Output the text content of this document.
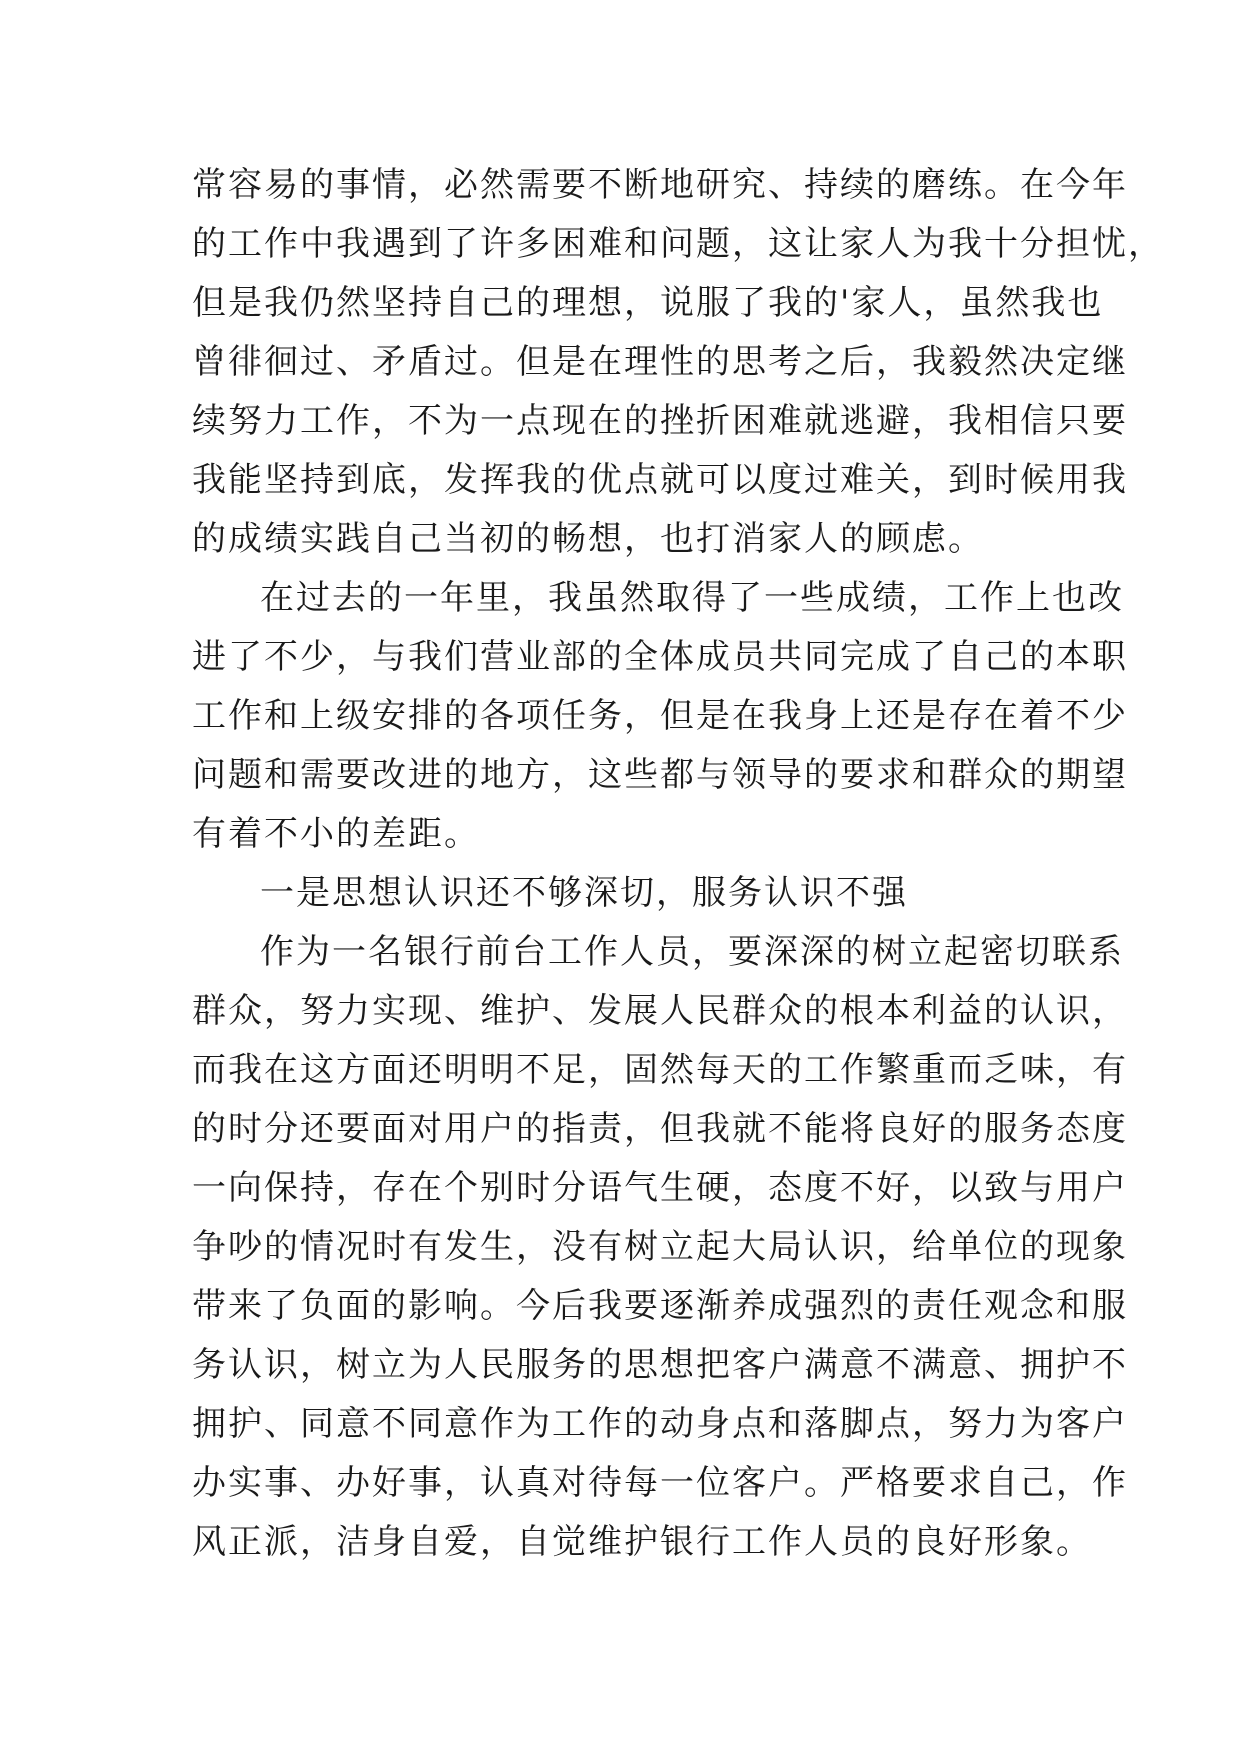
常容易的事情，必然需要不断地研究、持续的磨练。在今年
的工作中我遇到了许多困难和问题，这让家人为我十分担忧，
但是我仍然坚持自己的理想，说服了我的'家人，虽然我也
曾徘徊过、矛盾过。但是在理性的思考之后，我毅然决定继
续努力工作，不为一点现在的挫折困难就逃避，我相信只要
我能坚持到底，发挥我的优点就可以度过难关，到时候用我
的成绩实践自己当初的畅想，也打消家人的顾虑。
在过去的一年里，我虽然取得了一些成绩，工作上也改
进了不少，与我们营业部的全体成员共同完成了自己的本职
工作和上级安排的各项任务，但是在我身上还是存在着不少
问题和需要改进的地方，这些都与领导的要求和群众的期望
有着不小的差距。
一是思想认识还不够深切，服务认识不强
作为一名银行前台工作人员，要深深的树立起密切联系
群众，努力实现、维护、发展人民群众的根本利益的认识，
而我在这方面还明明不足，固然每天的工作繁重而乏味，有
的时分还要面对用户的指责，但我就不能将良好的服务态度
一向保持，存在个别时分语气生硬，态度不好，以致与用户
争吵的情况时有发生，没有树立起大局认识，给单位的现象
带来了负面的影响。今后我要逐渐养成强烈的责任观念和服
务认识，树立为人民服务的思想把客户满意不满意、拥护不
拥护、同意不同意作为工作的动身点和落脚点，努力为客户
办实事、办好事，认真对待每一位客户。严格要求自己，作
风正派，洁身自爱，自觉维护银行工作人员的良好形象。
